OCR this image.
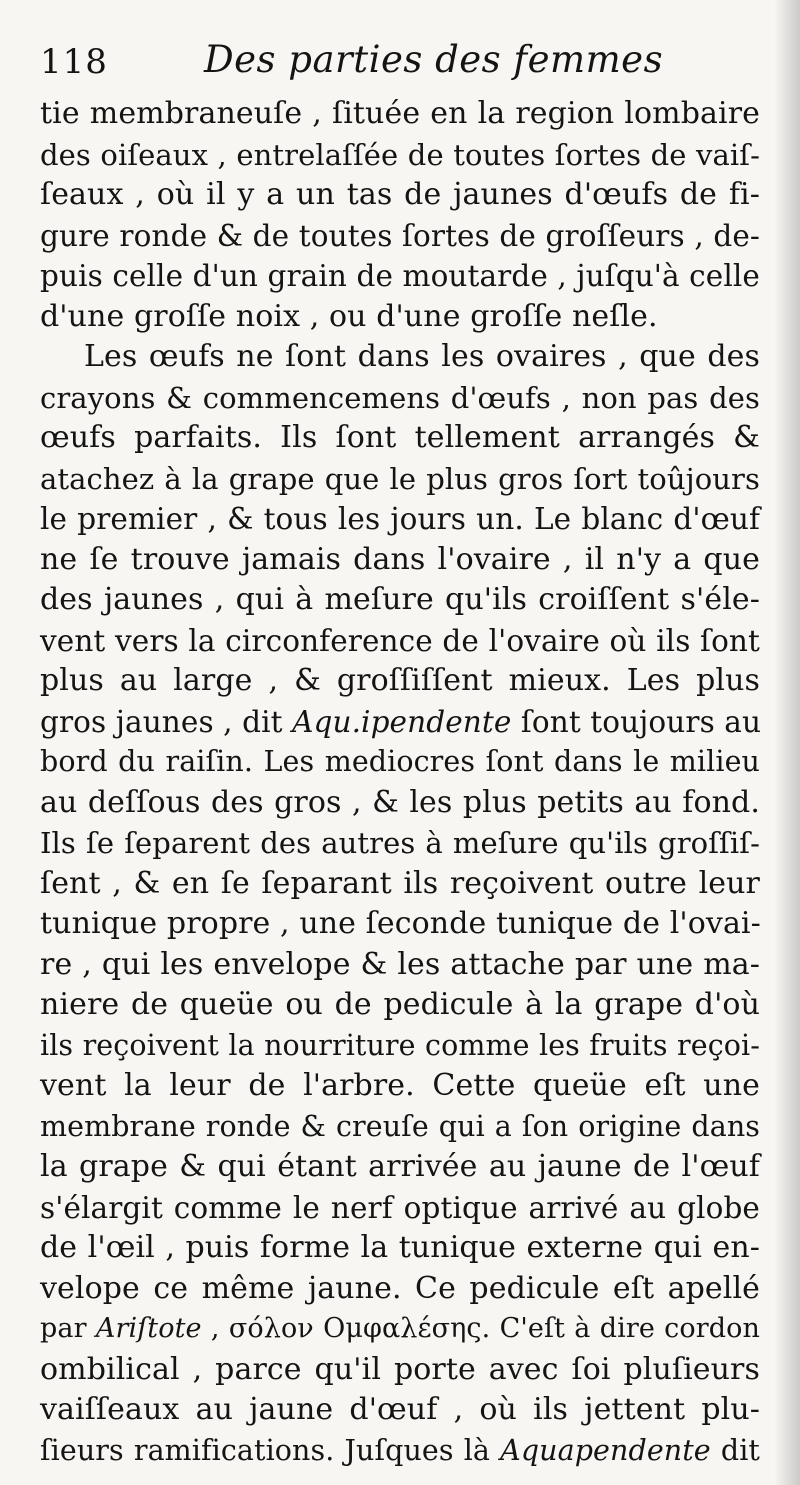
118	Des parties des femmes
tie membraneuſe , ſituée en la region lombaire
des oiſeaux , entrelaſſée de toutes ſortes de vaiſ-
ſeaux , où il y a un tas de jaunes d'œufs de fi-
gure ronde & de toutes ſortes de groſſeurs , de-
puis celle d'un grain de moutarde , juſqu'à celle
d'une groſſe noix , ou d'une groſſe neſle.
Les œufs ne ſont dans les ovaires , que des
crayons & commencemens d'œufs , non pas des
œufs parfaits. Ils ſont tellement arrangés &
atachez à la grape que le plus gros ſort toûjours
le premier , & tous les jours un. Le blanc d'œuf
ne ſe trouve jamais dans l'ovaire , il n'y a que
des jaunes , qui à meſure qu'ils croiſſent s'éle-
vent vers la circonference de l'ovaire où ils ſont
plus au large , & groſſiſſent mieux. Les plus
gros jaunes , dit Aqu.ipendente ſont toujours au
bord du raiſin. Les mediocres ſont dans le milieu
au deſſous des gros , & les plus petits au fond.
Ils ſe ſeparent des autres à meſure qu'ils groſſiſ-
ſent , & en ſe ſeparant ils reçoivent outre leur
tunique propre , une ſeconde tunique de l'ovai-
re , qui les envelope & les attache par une ma-
niere de queüe ou de pedicule à la grape d'où
ils reçoivent la nourriture comme les fruits reçoi-
vent la leur de l'arbre. Cette queüe eſt une
membrane ronde & creuſe qui a ſon origine dans
la grape & qui étant arrivée au jaune de l'œuf
s'élargit comme le nerf optique arrivé au globe
de l'œil , puis forme la tunique externe qui en-
velope ce même jaune. Ce pedicule eſt apellé
par Ariſtote , σόλον Ομφαλέσης. C'eſt à dire cordon
ombilical , parce qu'il porte avec ſoi pluſieurs
vaiſſeaux au jaune d'œuf , où ils jettent plu-
ſieurs ramifications. Juſques là Aquapendente dit
